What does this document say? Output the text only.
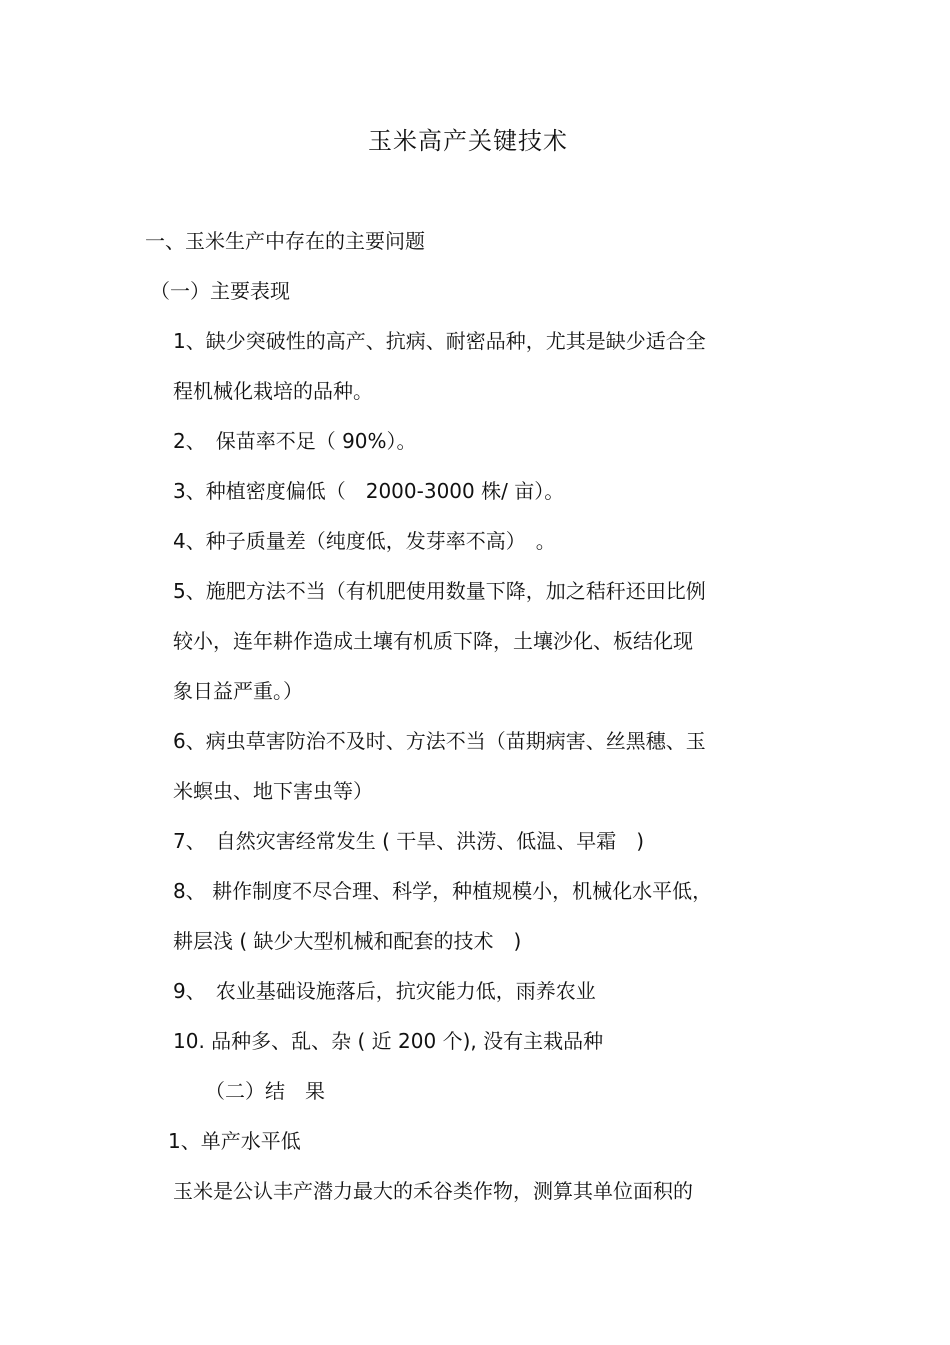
玉米高产关键技术
一、玉米生产中存在的主要问题
（一）主要表现
1、缺少突破性的高产、抗病、耐密品种，尤其是缺少适合全
程机械化栽培的品种。
2、　保苗率不足（ 90%）。
3、种植密度偏低（　2000-3000 株/ 亩）。
4、种子质量差（纯度低，发芽率不高）　。
5、施肥方法不当（有机肥使用数量下降，加之秸秆还田比例
较小，连年耕作造成土壤有机质下降，土壤沙化、板结化现
象日益严重。）
6、病虫草害防治不及时、方法不当（苗期病害、丝黑穗、玉
米螟虫、地下害虫等）
7、　自然灾害经常发生 ( 干旱、洪涝、低温、早霜　)
8、 耕作制度不尽合理、科学，种植规模小，机械化水平低，
耕层浅 ( 缺少大型机械和配套的技术　)
9、　农业基础设施落后，抗灾能力低，雨养农业
10. 品种多、乱、杂 ( 近 200 个), 没有主栽品种
（二）结　果
1、单产水平低
玉米是公认丰产潜力最大的禾谷类作物，测算其单位面积的
